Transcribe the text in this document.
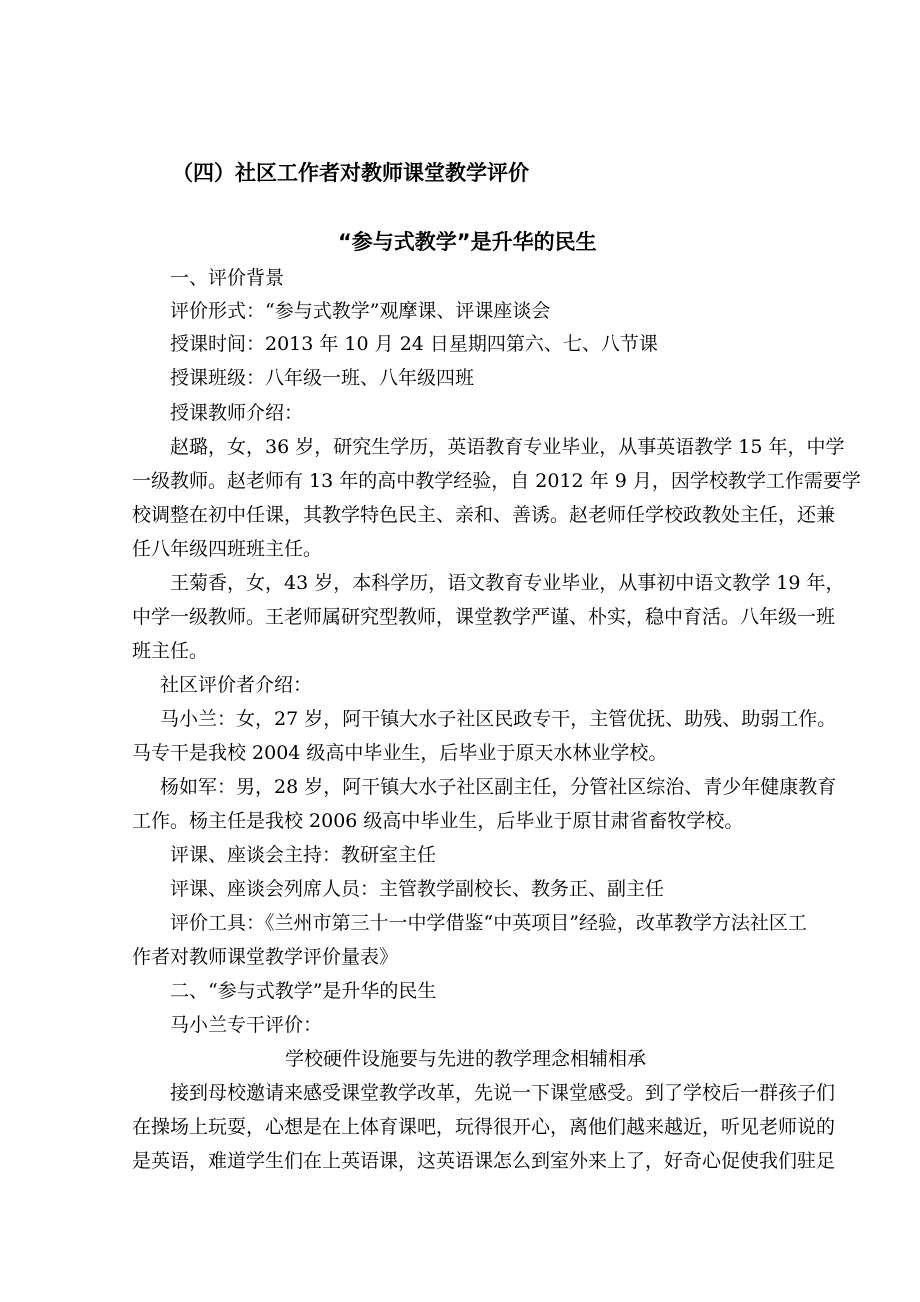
（四）社区工作者对教师课堂教学评价
“参与式教学”是升华的民生
一、评价背景
评价形式：“参与式教学”观摩课、评课座谈会
授课时间：2013 年 10 月 24 日星期四第六、七、八节课
授课班级：八年级一班、八年级四班
授课教师介绍：
赵璐，女，36 岁，研究生学历，英语教育专业毕业，从事英语教学 15 年，中学
一级教师。赵老师有 13 年的高中教学经验，自 2012 年 9 月，因学校教学工作需要学
校调整在初中任课，其教学特色民主、亲和、善诱。赵老师任学校政教处主任，还兼
任八年级四班班主任。
王菊香，女，43 岁，本科学历，语文教育专业毕业，从事初中语文教学 19 年，
中学一级教师。王老师属研究型教师，课堂教学严谨、朴实，稳中育活。八年级一班
班主任。
社区评价者介绍：
马小兰：女，27 岁，阿干镇大水子社区民政专干，主管优抚、助残、助弱工作。
马专干是我校 2004 级高中毕业生，后毕业于原天水林业学校。
杨如军：男，28 岁，阿干镇大水子社区副主任，分管社区综治、青少年健康教育
工作。杨主任是我校 2006 级高中毕业生，后毕业于原甘肃省畜牧学校。
评课、座谈会主持：教研室主任
评课、座谈会列席人员：主管教学副校长、教务正、副主任
评价工具：《兰州市第三十一中学借鉴“中英项目”经验，改革教学方法社区工
作者对教师课堂教学评价量表》
二、“参与式教学”是升华的民生
马小兰专干评价：
学校硬件设施要与先进的教学理念相辅相承
接到母校邀请来感受课堂教学改革，先说一下课堂感受。到了学校后一群孩子们
在操场上玩耍，心想是在上体育课吧，玩得很开心，离他们越来越近，听见老师说的
是英语，难道学生们在上英语课，这英语课怎么到室外来上了，好奇心促使我们驻足
